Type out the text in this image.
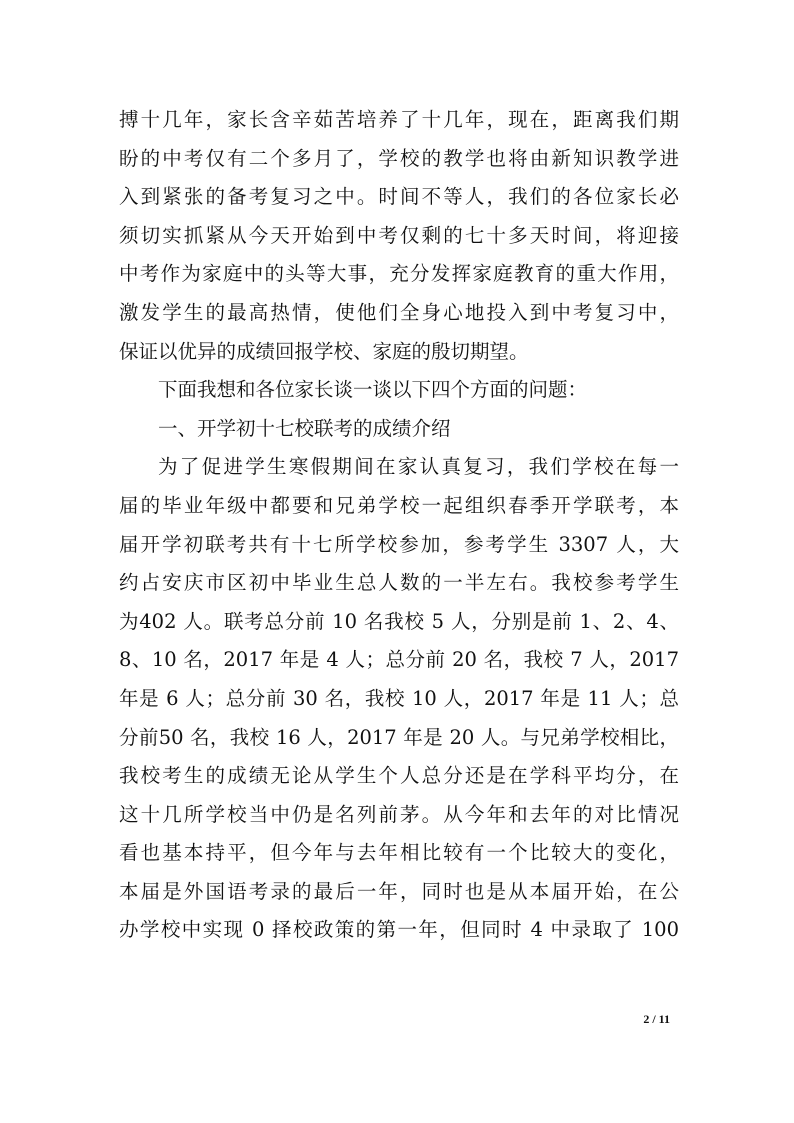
搏十几年，家长含辛茹苦培养了十几年，现在，距离我们期
盼的中考仅有二个多月了，学校的教学也将由新知识教学进
入到紧张的备考复习之中。时间不等人，我们的各位家长必
须切实抓紧从今天开始到中考仅剩的七十多天时间，将迎接
中考作为家庭中的头等大事，充分发挥家庭教育的重大作用，
激发学生的最高热情，使他们全身心地投入到中考复习中，
保证以优异的成绩回报学校、家庭的殷切期望。
下面我想和各位家长谈一谈以下四个方面的问题：
一、开学初十七校联考的成绩介绍
为了促进学生寒假期间在家认真复习，我们学校在每一
届的毕业年级中都要和兄弟学校一起组织春季开学联考，本
届开学初联考共有十七所学校参加，参考学生 3307 人，大
约占安庆市区初中毕业生总人数的一半左右。我校参考学生
为402 人。联考总分前 10 名我校 5 人，分别是前 1、2、4、
8、10 名，2017 年是 4 人；总分前 20 名，我校 7 人，2017
年是 6 人；总分前 30 名，我校 10 人，2017 年是 11 人；总
分前50 名，我校 16 人，2017 年是 20 人。与兄弟学校相比，
我校考生的成绩无论从学生个人总分还是在学科平均分，在
这十几所学校当中仍是名列前茅。从今年和去年的对比情况
看也基本持平，但今年与去年相比较有一个比较大的变化，
本届是外国语考录的最后一年，同时也是从本届开始，在公
办学校中实现 0 择校政策的第一年，但同时 4 中录取了 100
2 / 11
